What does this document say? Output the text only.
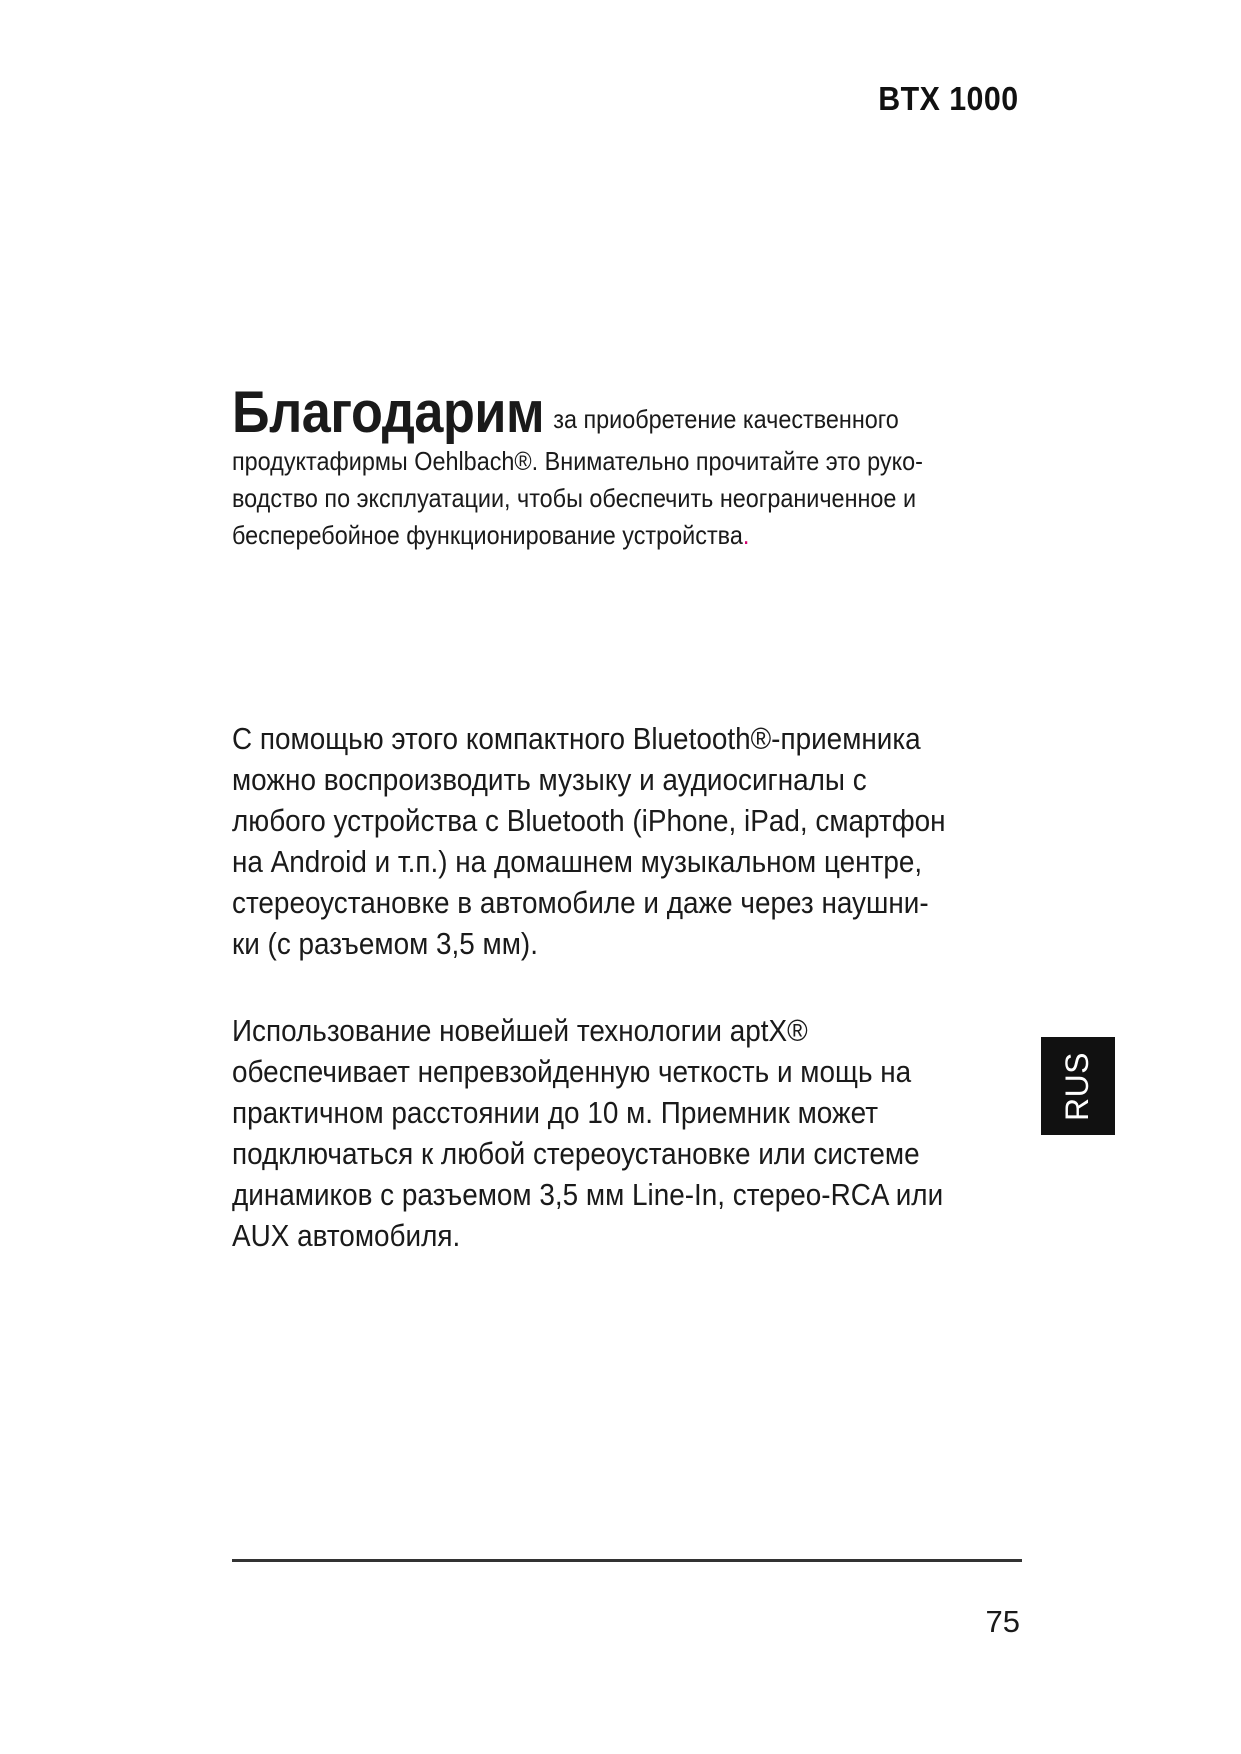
BTX 1000
Благодарим за приобретение качественного
продуктафирмы Oehlbach®. Внимательно прочитайте это руко-
водство по эксплуатации, чтобы обеспечить неограниченное и
бесперебойное функционирование устройства.
С помощью этого компактного Bluetooth®-приемника
можно воспроизводить музыку и аудиосигналы с
любого устройства с Bluetooth (iPhone, iPad, смартфон
на Android и т.п.) на домашнем музыкальном центре,
стереоустановке в автомобиле и даже через наушни-
ки (с разъемом 3,5 мм).
Использование новейшей технологии aptX®
обеспечивает непревзойденную четкость и мощь на
практичном расстоянии до 10 м. Приемник может
подключаться к любой стереоустановке или системе
динамиков с разъемом 3,5 мм Line-In, стерео-RCA или
AUX автомобиля.
RUS
75
